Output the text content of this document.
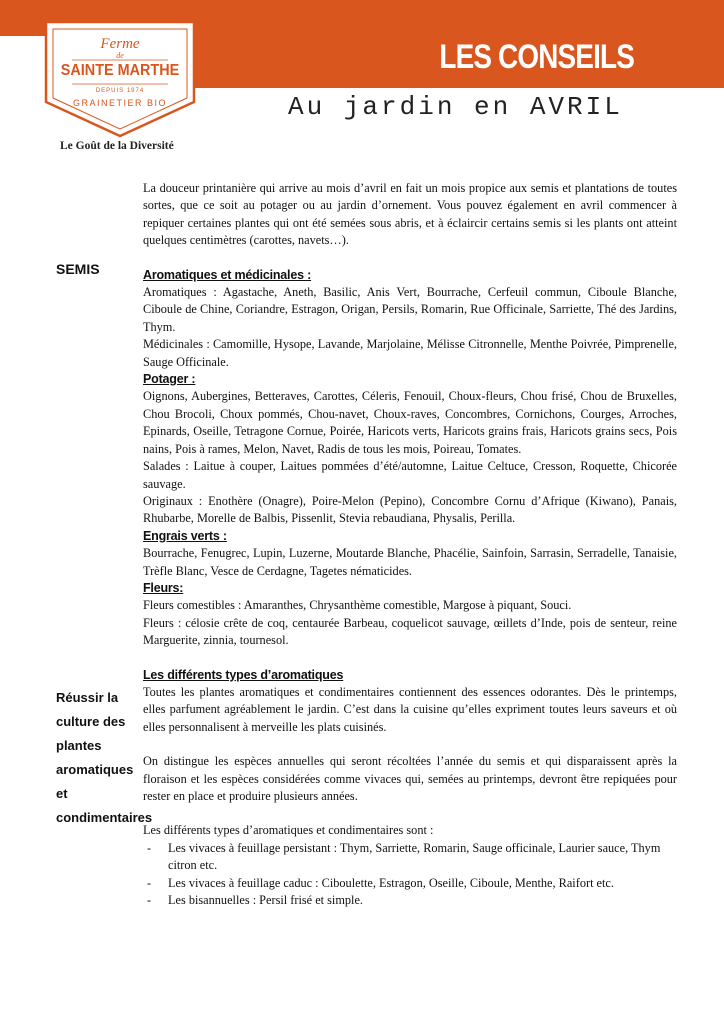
LES CONSEILS
Au jardin en AVRIL
Ferme
de
SAINTE MARTHE
DEPUIS 1974
GRAINETIER BIO
Le Goût de la Diversité
SEMIS
Réussir la culture des plantes aromatiques et condimentaires

La douceur printanière qui arrive au mois d’avril en fait un mois propice aux semis et plantations de toutes sortes, que ce soit au potager ou au jardin d’ornement. Vous pouvez également en avril commencer à repiquer certaines plantes qui ont été semées sous abris, et à éclaircir certains semis si les plants ont atteint quelques centimètres (carottes, navets…).

Aromatiques et médicinales :

Aromatiques : Agastache, Aneth, Basilic, Anis Vert, Bourrache, Cerfeuil commun, Ciboule Blanche, Ciboule de Chine, Coriandre, Estragon, Origan, Persils, Romarin, Rue Officinale, Sarriette, Thé des Jardins, Thym.

Médicinales : Camomille, Hysope, Lavande, Marjolaine, Mélisse Citronnelle, Menthe Poivrée, Pimprenelle, Sauge Officinale.

Potager :

Oignons, Aubergines, Betteraves, Carottes, Céleris, Fenouil, Choux-fleurs, Chou frisé, Chou de Bruxelles, Chou Brocoli, Choux pommés, Chou-navet, Choux-raves, Concombres, Cornichons, Courges, Arroches, Epinards, Oseille, Tetragone Cornue, Poirée, Haricots verts, Haricots grains frais, Haricots grains secs, Pois nains, Pois à rames, Melon, Navet, Radis de tous les mois, Poireau, Tomates.

Salades : Laitue à couper, Laitues pommées d’été/automne, Laitue Celtuce, Cresson, Roquette, Chicorée sauvage.

Originaux : Enothère (Onagre), Poire-Melon (Pepino), Concombre Cornu d’Afrique (Kiwano), Panais, Rhubarbe, Morelle de Balbis, Pissenlit, Stevia rebaudiana, Physalis, Perilla.

Engrais verts :

Bourrache, Fenugrec, Lupin, Luzerne, Moutarde Blanche, Phacélie, Sainfoin, Sarrasin, Serradelle, Tanaisie, Trèfle Blanc, Vesce de Cerdagne, Tagetes nématicides.

Fleurs:

Fleurs comestibles : Amaranthes, Chrysanthème comestible, Margose à piquant, Souci.

Fleurs : célosie crête de coq, centaurée Barbeau, coquelicot sauvage, œillets d’Inde, pois de senteur, reine Marguerite, zinnia, tournesol.

Les différents types d’aromatiques

Toutes les plantes aromatiques et condimentaires contiennent des essences odorantes. Dès le printemps, elles parfument agréablement le jardin. C’est dans la cuisine qu’elles expriment toutes leurs saveurs et où elles personnalisent à merveille les plats cuisinés.

On distingue les espèces annuelles qui seront récoltées l’année du semis et qui disparaissent après la floraison et les espèces considérées comme vivaces qui, semées au printemps, devront être repiquées pour rester en place et produire plusieurs années.

Les différents types d’aromatiques et condimentaires sont :

- Les vivaces à feuillage persistant : Thym, Sarriette, Romarin, Sauge officinale, Laurier sauce, Thym citron etc.
- Les vivaces à feuillage caduc : Ciboulette, Estragon, Oseille, Ciboule, Menthe, Raifort etc.
- Les bisannuelles : Persil frisé et simple.
